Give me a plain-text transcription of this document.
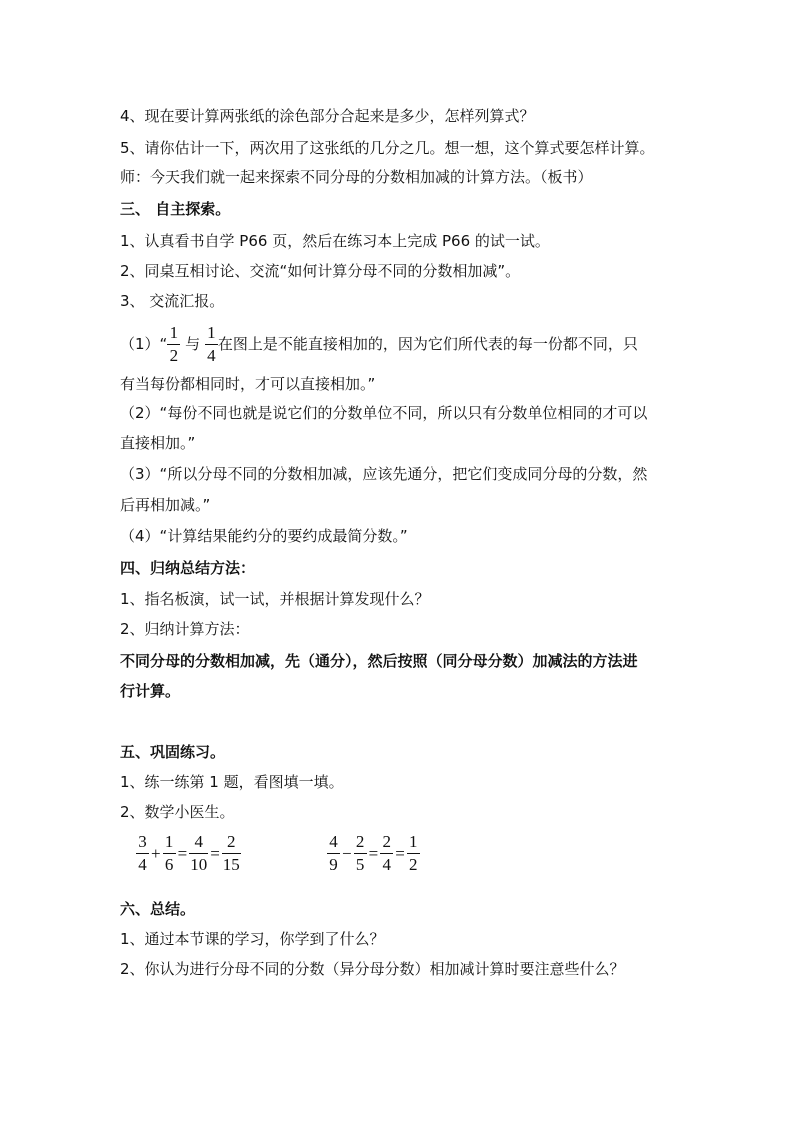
4、现在要计算两张纸的涂色部分合起来是多少，怎样列算式？
5、请你估计一下，两次用了这张纸的几分之几。想一想，这个算式要怎样计算。
师：今天我们就一起来探索不同分母的分数相加减的计算方法。（板书）
三、 自主探索。
1、认真看书自学 P66 页，然后在练习本上完成 P66 的试一试。
2、同桌互相讨论、交流“如何计算分母不同的分数相加减”。
3、 交流汇报。
（1）“ $\frac{1}{2}$ 与 $\frac{1}{4}$ 在图上是不能直接相加的，因为它们所代表的每一份都不同，只
有当每份都相同时，才可以直接相加。”
（2）“每份不同也就是说它们的分数单位不同，所以只有分数单位相同的才可以
直接相加。”
（3）“所以分母不同的分数相加减，应该先通分，把它们变成同分母的分数，然
后再相加减。”
（4）“计算结果能约分的要约成最简分数。”
四、归纳总结方法：
1、指名板演，试一试，并根据计算发现什么？
2、归纳计算方法：
不同分母的分数相加减，先（通分），然后按照（同分母分数）加减法的方法进
行计算。
五、巩固练习。
1、练一练第 1 题，看图填一填。
2、数学小医生。
$\frac{3}{4} + \frac{1}{6} = \frac{4}{10} = \frac{2}{15}$	$\frac{4}{9} - \frac{2}{5} = \frac{2}{4} = \frac{1}{2}$
六、总结。
1、通过本节课的学习，你学到了什么？
2、你认为进行分母不同的分数（异分母分数）相加减计算时要注意些什么？
